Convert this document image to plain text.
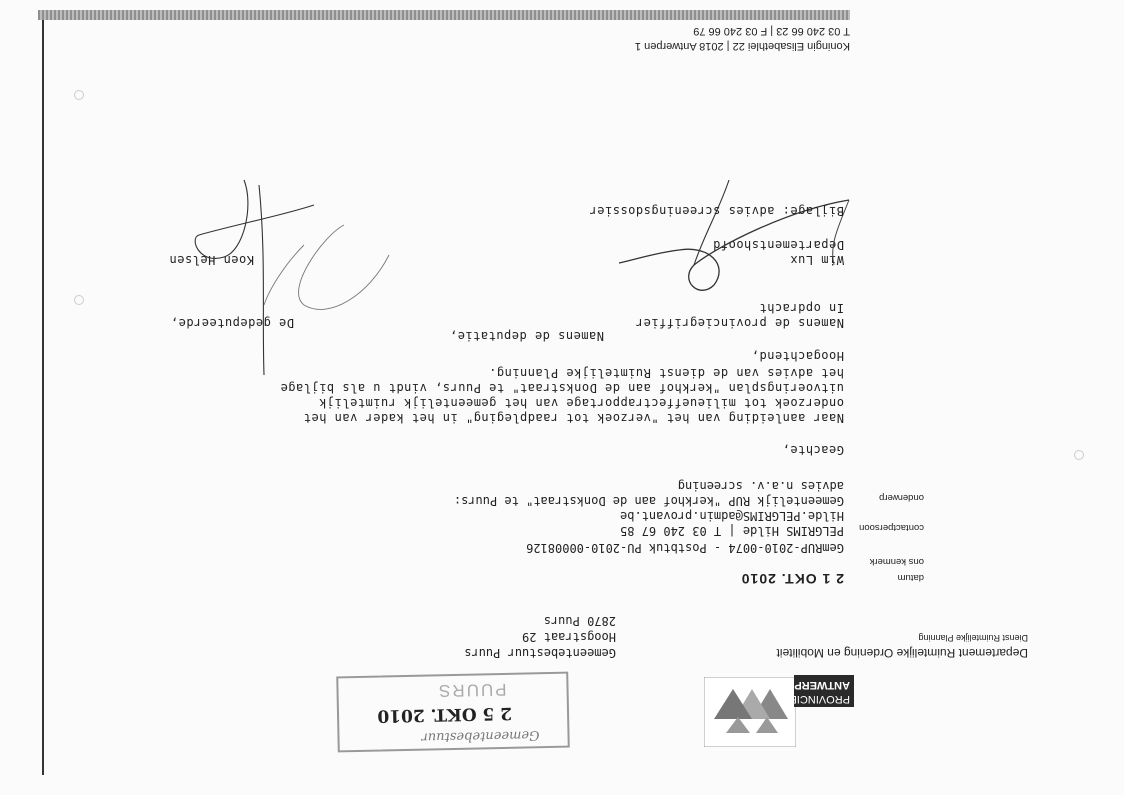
PROVINCIE
ANTWERPEN
Departement Ruimtelijke Ordening en Mobiliteit
Dienst Ruimtelijke Planning
Gemeentebestuur
2 5 OKT. 2010
PUURS
Gemeentebestuur Puurs
Hoogstraat 29
2870 Puurs
datum
ons kenmerk
contactpersoon
onderwerp
2 1 OKT. 2010
GemRUP-2010-0074 - Postbtuk PU-2010-00008126
PELGRIMS Hilde | T 03 240 67 85
Hilde.PELGRIMS@admin.provant.be
Gemeentelijk RUP "kerkhof aan de Donkstraat" te Puurs:
advies n.a.v. screening
Geachte,
Naar aanleiding van het "verzoek tot raadpleging" in het kader van het
onderzoek tot milieueffectrapportage van het gemeentelijk ruimtelijk
uitvoeringsplan "kerkhof aan de Donkstraat" te Puurs, vindt u als bijlage
het advies van de dienst Ruimtelijke Planning.
Hoogachtend,
Namens de deputatie,
De gedeputeerde,	Namens de provinciegriffier
In opdracht
Wim Lux
Departementshoofd
Koen Helsen
Bijlage: advies screeningsdossier
Koningin Elisabethlei 22 | 2018 Antwerpen 1
T 03 240 66 23 | F 03 240 66 79
